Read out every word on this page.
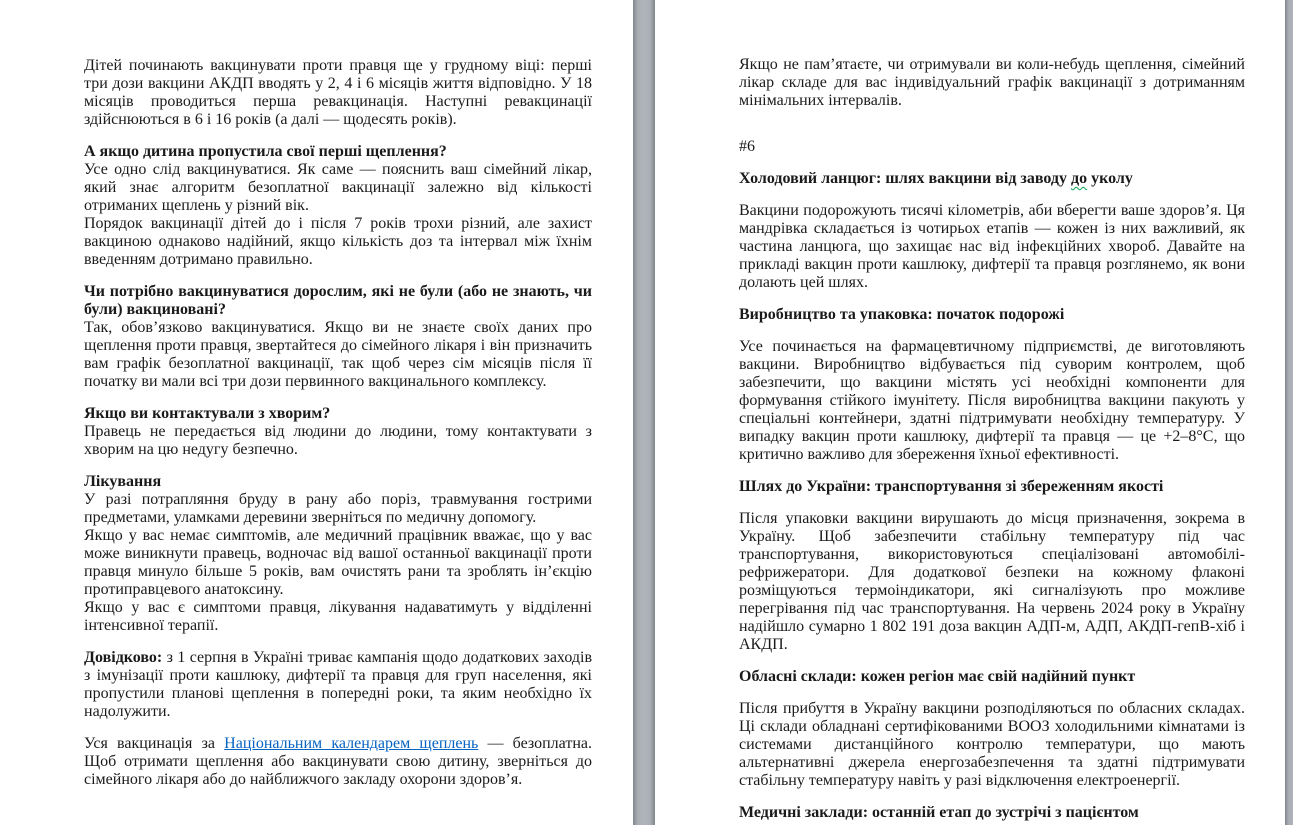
Дітей починають вакцинувати проти правця ще у грудному віці: перші три дози вакцини АКДП вводять у 2, 4 і 6 місяців життя відповідно. У 18 місяців проводиться перша ревакцинація. Наступні ревакцинації здійснюються в 6 і 16 років (а далі — щодесять років).

А якщо дитина пропустила свої перші щеплення?

Усе одно слід вакцинуватися. Як саме — пояснить ваш сімейний лікар, який знає алгоритм безоплатної вакцинації залежно від кількості отриманих щеплень у різний вік.

Порядок вакцинації дітей до і після 7 років трохи різний, але захист вакциною однаково надійний, якщо кількість доз та інтервал між їхнім введенням дотримано правильно.

Чи потрібно вакцинуватися дорослим, які не були (або не знають, чи були) вакциновані?

Так, обов’язково вакцинуватися. Якщо ви не знаєте своїх даних про щеплення проти правця, звертайтеся до сімейного лікаря і він призначить вам графік безоплатної вакцинації, так щоб через сім місяців після її початку ви мали всі три дози первинного вакцинального комплексу.

Якщо ви контактували з хворим?

Правець не передається від людини до людини, тому контактувати з хворим на цю недугу безпечно.

Лікування

У разі потрапляння бруду в рану або поріз, травмування гострими предметами, уламками деревини зверніться по медичну допомогу.

Якщо у вас немає симптомів, але медичний працівник вважає, що у вас може виникнути правець, водночас від вашої останньої вакцинації проти правця минуло більше 5 років, вам очистять рани та зроблять ін’єкцію протиправцевого анатоксину.

Якщо у вас є симптоми правця, лікування надаватимуть у відділенні інтенсивної терапії.

Довідково: з 1 серпня в Україні триває кампанія щодо додаткових заходів з імунізації проти кашлюку, дифтерії та правця для груп населення, які пропустили планові щеплення в попередні роки, та яким необхідно їх надолужити.

Уся вакцинація за Національним календарем щеплень — безоплатна. Щоб отримати щеплення або вакцинувати свою дитину, зверніться до сімейного лікаря або до найближчого закладу охорони здоров’я.

Якщо не пам’ятаєте, чи отримували ви коли-небудь щеплення, сімейний лікар складе для вас індивідуальний графік вакцинації з дотриманням мінімальних інтервалів.

#6

Холодовий ланцюг: шлях вакцини від заводу до уколу

Вакцини подорожують тисячі кілометрів, аби вберегти ваше здоров’я. Ця мандрівка складається із чотирьох етапів — кожен із них важливий, як частина ланцюга, що захищає нас від інфекційних хвороб. Давайте на прикладі вакцин проти кашлюку, дифтерії та правця розглянемо, як вони долають цей шлях.

Виробництво та упаковка: початок подорожі

Усе починається на фармацевтичному підприємстві, де виготовляють вакцини. Виробництво відбувається під суворим контролем, щоб забезпечити, що вакцини містять усі необхідні компоненти для формування стійкого імунітету. Після виробництва вакцини пакують у спеціальні контейнери, здатні підтримувати необхідну температуру. У випадку вакцин проти кашлюку, дифтерії та правця — це +2–8°C, що критично важливо для збереження їхньої ефективності.

Шлях до України: транспортування зі збереженням якості

Після упаковки вакцини вирушають до місця призначення, зокрема в Україну. Щоб забезпечити стабільну температуру під час транспортування, використовуються спеціалізовані автомобілі-рефрижератори. Для додаткової безпеки на кожному флаконі розміщуються термоіндикатори, які сигналізують про можливе перегрівання під час транспортування. На червень 2024 року в Україну надійшло сумарно 1 802 191 доза вакцин АДП-м, АДП, АКДП-гепВ-хіб і АКДП.

Обласні склади: кожен регіон має свій надійний пункт

Після прибуття в Україну вакцини розподіляються по обласних складах. Ці склади обладнані сертифікованими ВООЗ холодильними кімнатами із системами дистанційного контролю температури, що мають альтернативні джерела енергозабезпечення та здатні підтримувати стабільну температуру навіть у разі відключення електроенергії.

Медичні заклади: останній етап до зустрічі з пацієнтом
